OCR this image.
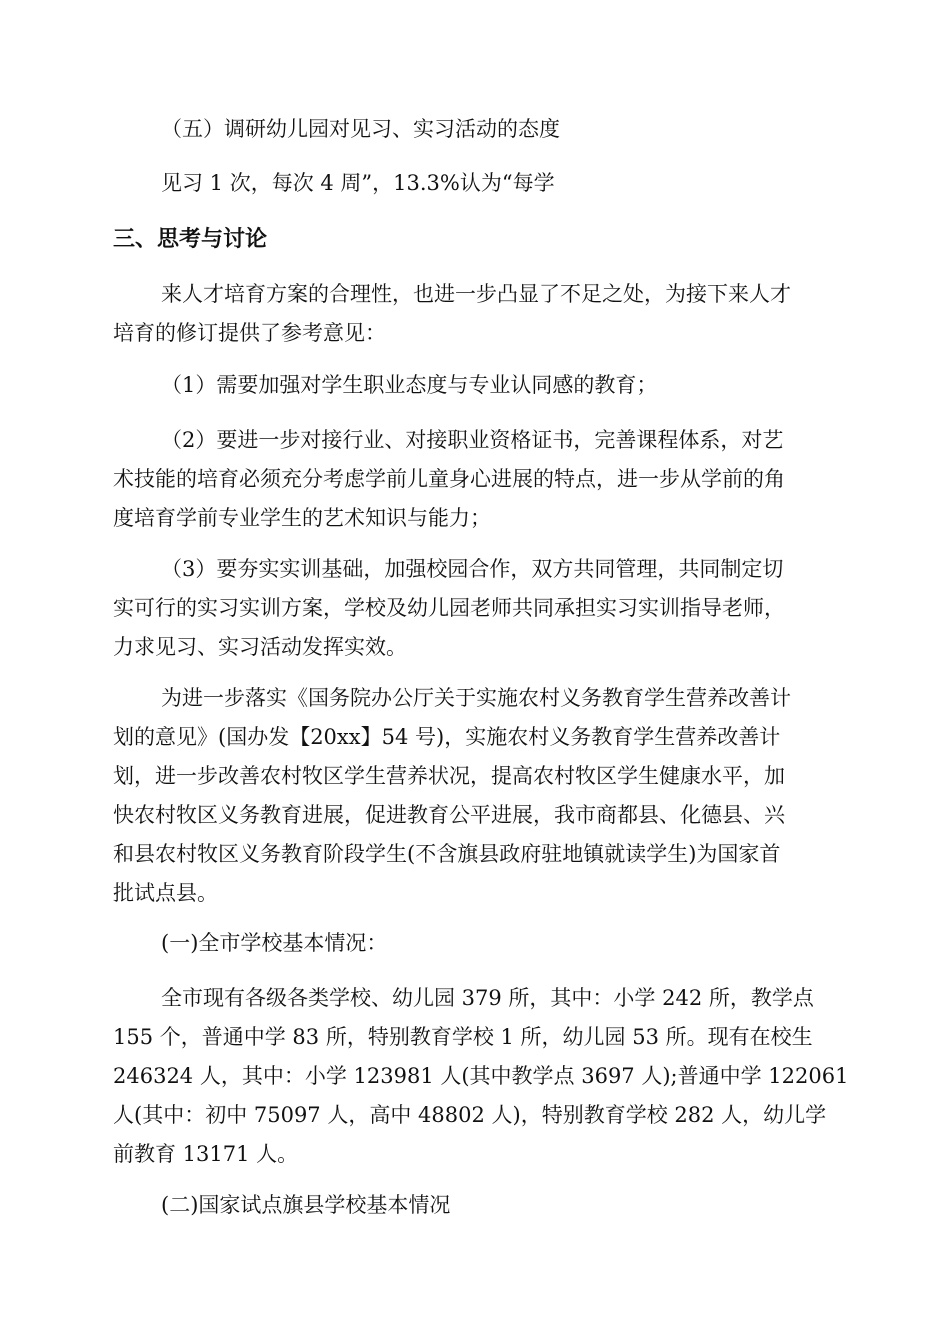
（五）调研幼儿园对见习、实习活动的态度
见习 1 次，每次 4 周”，13.3%认为“每学
三、思考与讨论
来人才培育方案的合理性，也进一步凸显了不足之处，为接下来人才
培育的修订提供了参考意见：
（1）需要加强对学生职业态度与专业认同感的教育；
（2）要进一步对接行业、对接职业资格证书，完善课程体系，对艺
术技能的培育必须充分考虑学前儿童身心进展的特点，进一步从学前的角
度培育学前专业学生的艺术知识与能力；
（3）要夯实实训基础，加强校园合作，双方共同管理，共同制定切
实可行的实习实训方案，学校及幼儿园老师共同承担实习实训指导老师，
力求见习、实习活动发挥实效。
为进一步落实《国务院办公厅关于实施农村义务教育学生营养改善计
划的意见》(国办发【20xx】54 号)，实施农村义务教育学生营养改善计
划，进一步改善农村牧区学生营养状况，提高农村牧区学生健康水平，加
快农村牧区义务教育进展，促进教育公平进展，我市商都县、化德县、兴
和县农村牧区义务教育阶段学生(不含旗县政府驻地镇就读学生)为国家首
批试点县。
(一)全市学校基本情况：
全市现有各级各类学校、幼儿园 379 所，其中：小学 242 所，教学点
155 个，普通中学 83 所，特别教育学校 1 所，幼儿园 53 所。现有在校生
246324 人，其中：小学 123981 人(其中教学点 3697 人);普通中学 122061
人(其中：初中 75097 人，高中 48802 人)，特别教育学校 282 人，幼儿学
前教育 13171 人。
(二)国家试点旗县学校基本情况
